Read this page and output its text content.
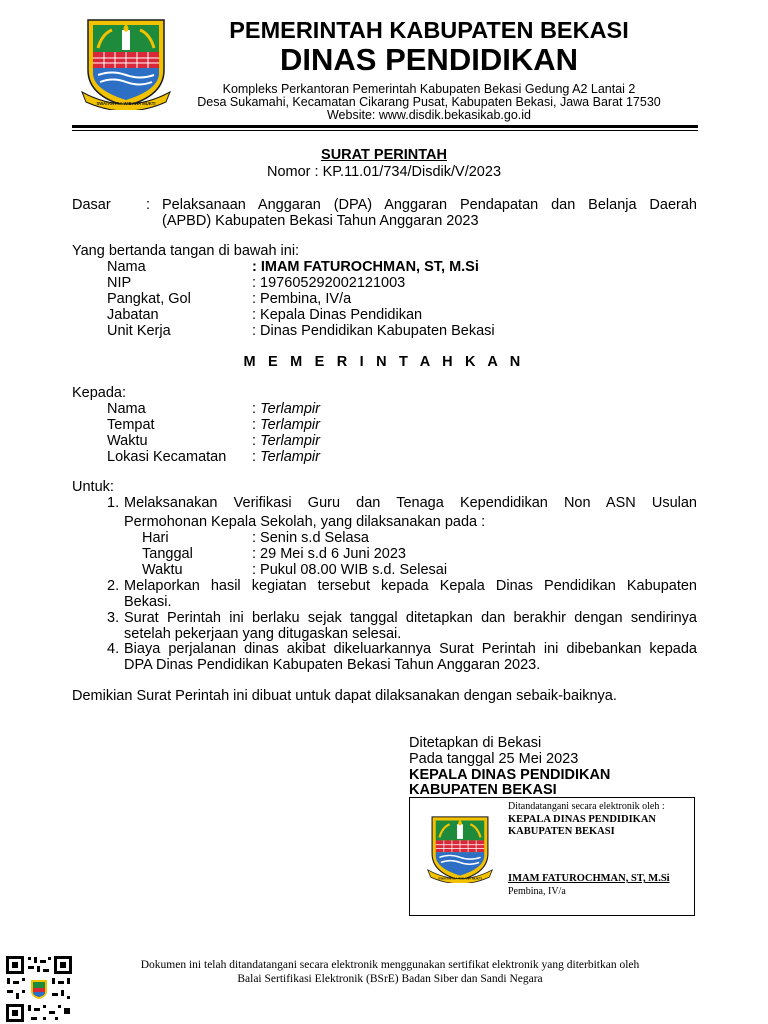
SWATANTRA WIBAWA MUKTI
PEMERINTAH KABUPATEN BEKASI
DINAS PENDIDIKAN
Kompleks Perkantoran Pemerintah Kabupaten Bekasi Gedung A2 Lantai 2
Desa Sukamahi, Kecamatan Cikarang Pusat, Kabupaten Bekasi, Jawa Barat 17530
Website: www.disdik.bekasikab.go.id
SURAT PERINTAH
Nomor : KP.11.01/734/Disdik/V/2023
Dasar : Pelaksanaan Anggaran (DPA) Anggaran Pendapatan dan Belanja Daerah
(APBD) Kabupaten Bekasi Tahun Anggaran 2023
Yang bertanda tangan di bawah ini:
Nama	: IMAM FATUROCHMAN, ST, M.Si
NIP	: 197605292002121003
Pangkat, Gol	: Pembina, IV/a
Jabatan	: Kepala Dinas Pendidikan
Unit Kerja	: Dinas Pendidikan Kabupaten Bekasi
M E M E R I N T A H K A N
Kepada:
Nama	: Terlampir
Tempat	: Terlampir
Waktu	: Terlampir
Lokasi Kecamatan : Terlampir
Untuk:
1. Melaksanakan Verifikasi Guru dan Tenaga Kependidikan Non ASN Usulan
Permohonan Kepala Sekolah, yang dilaksanakan pada :
Hari	: Senin s.d Selasa
Tanggal	: 29 Mei s.d 6 Juni 2023
Waktu	: Pukul 08.00 WIB s.d. Selesai
2. Melaporkan hasil kegiatan tersebut kepada Kepala Dinas Pendidikan Kabupaten
Bekasi.
3. Surat Perintah ini berlaku sejak tanggal ditetapkan dan berakhir dengan sendirinya
setelah pekerjaan yang ditugaskan selesai.
4. Biaya perjalanan dinas akibat dikeluarkannya Surat Perintah ini dibebankan kepada
DPA Dinas Pendidikan Kabupaten Bekasi Tahun Anggaran 2023.
Demikian Surat Perintah ini dibuat untuk dapat dilaksanakan dengan sebaik-baiknya.
Ditetapkan di Bekasi
Pada tanggal 25 Mei 2023
KEPALA DINAS PENDIDIKAN
KABUPATEN BEKASI
SWATANTRA WIBAWA MUKTI
Ditandatangani secara elektronik oleh :
KEPALA DINAS PENDIDIKAN
KABUPATEN BEKASI
IMAM FATUROCHMAN, ST, M.Si
Pembina, IV/a
Dokumen ini telah ditandatangani secara elektronik menggunakan sertifikat elektronik yang diterbitkan oleh
Balai Sertifikasi Elektronik (BSrE) Badan Siber dan Sandi Negara
